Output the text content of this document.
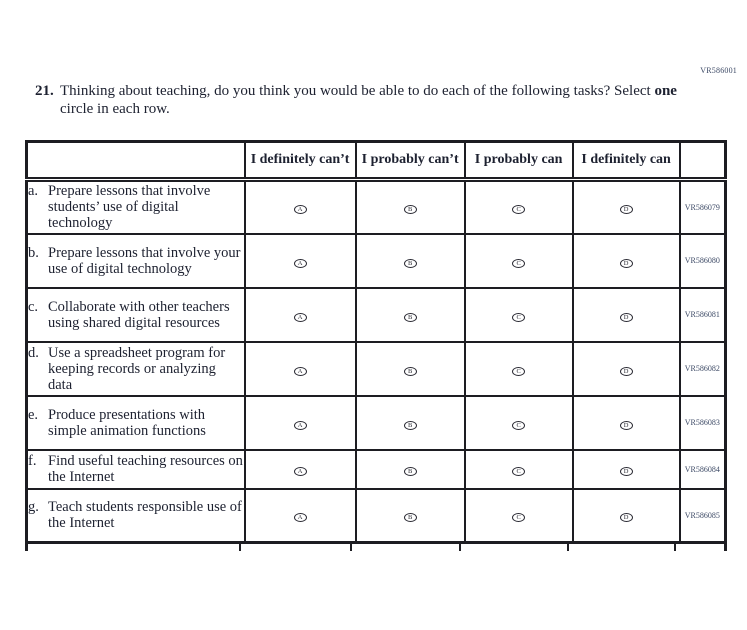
VR586001
21. Thinking about teaching, do you think you would be able to do each of the following tasks? Select one circle in each row.
	I definitely can’t	I probably can’t	I probably can	I definitely can	

a. Prepare lessons that involve students’ use of digital technology	A	B	C	D	VR586079

b. Prepare lessons that involve your use of digital technology	A	B	C	D	VR586080

c. Collaborate with other teachers using shared digital resources	A	B	C	D	VR586081

d. Use a spreadsheet program for keeping records or analyzing data	A	B	C	D	VR586082

e. Produce presentations with simple animation functions	A	B	C	D	VR586083

f. Find useful teaching resources on the Internet	A	B	C	D	VR586084

g. Teach students responsible use of the Internet	A	B	C	D	VR586085
